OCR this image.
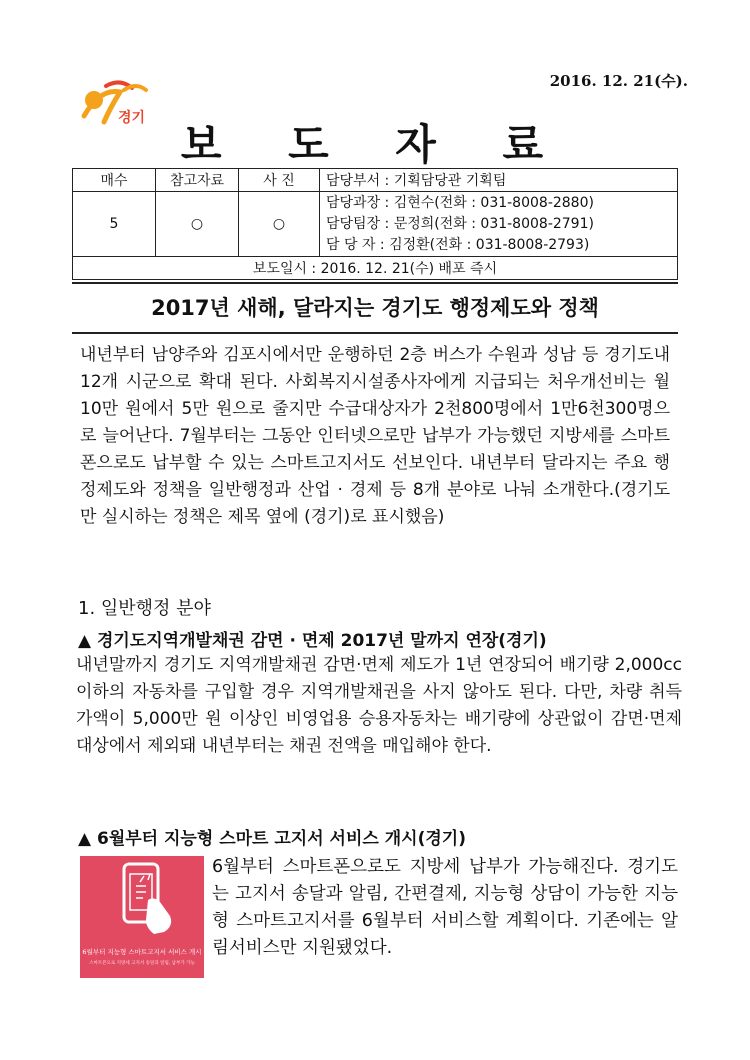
2016. 12. 21(수).
경기
보 도 자 료
매수	참고자료	사 진	담당부서 : 기획담당관 기획팀
5	○	○	담당과장 : 김현수(전화 : 031-8008-2880)
담당팀장 : 문정희(전화 : 031-8008-2791)
담 당 자 : 김정환(전화 : 031-8008-2793)

보도일시 : 2016. 12. 21(수) 배포 즉시			
2017년 새해, 달라지는 경기도 행정제도와 정책
내년부터 남양주와 김포시에서만 운행하던 2층 버스가 수원과 성남 등 경기도내 12개 시군으로 확대 된다. 사회복지시설종사자에게 지급되는 처우개선비는 월 10만 원에서 5만 원으로 줄지만 수급대상자가 2천800명에서 1만6천300명으로 늘어난다. 7월부터는 그동안 인터넷으로만 납부가 가능했던 지방세를 스마트폰으로도 납부할 수 있는 스마트고지서도 선보인다. 내년부터 달라지는 주요 행정제도와 정책을 일반행정과 산업 · 경제 등 8개 분야로 나눠 소개한다.(경기도만 실시하는 정책은 제목 옆에 (경기)로 표시했음)
1. 일반행정 분야
▲ 경기도지역개발채권 감면 · 면제 2017년 말까지 연장(경기)
내년말까지 경기도 지역개발채권 감면·면제 제도가 1년 연장되어 배기량 2,000cc 이하의 자동차를 구입할 경우 지역개발채권을 사지 않아도 된다. 다만, 차량 취득가액이 5,000만 원 이상인 비영업용 승용자동차는 배기량에 상관없이 감면·면제 대상에서 제외돼 내년부터는 채권 전액을 매입해야 한다.
▲ 6월부터 지능형 스마트 고지서 서비스 개시(경기)
6월부터 지능형 스마트고지서 서비스 개시
스마트폰으로 지방세 고지서 송달과 알림, 납부가 가능
6월부터 스마트폰으로도 지방세 납부가 가능해진다. 경기도는 고지서 송달과 알림, 간편결제, 지능형 상담이 가능한 지능형 스마트고지서를 6월부터 서비스할 계획이다. 기존에는 알림서비스만 지원됐었다.
